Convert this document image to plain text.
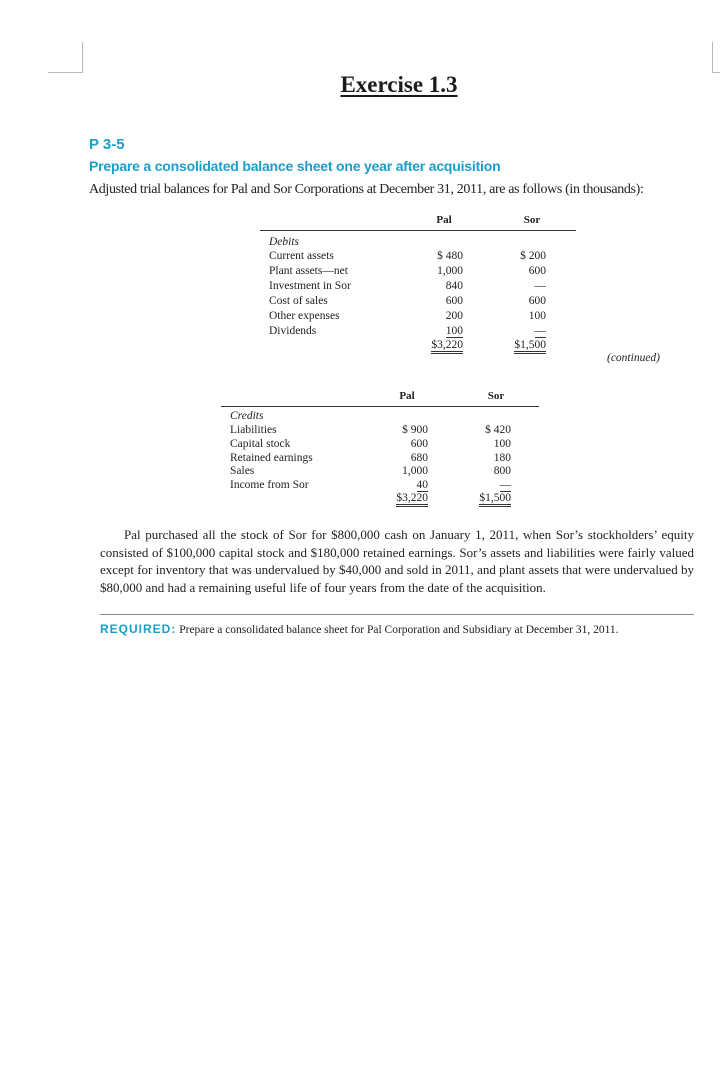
Exercise 1.3
P 3-5
Prepare a consolidated balance sheet one year after acquisition
Adjusted trial balances for Pal and Sor Corporations at December 31, 2011, are as follows (in thousands):
Pal	Sor
Debits
Current assets	$ 480	$ 200
Plant assets—net	1,000	600
Investment in Sor	840	—
Cost of sales	600	600
Other expenses	200	100
Dividends	100	—
$3,220	$1,500
(continued)
Pal	Sor
Credits
Liabilities	$ 900	$ 420
Capital stock	600	100
Retained earnings	680	180
Sales	1,000	800
Income from Sor	40	—
$3,220	$1,500
Pal purchased all the stock of Sor for $800,000 cash on January 1, 2011, when Sor’s stockholders’ equity consisted of $100,000 capital stock and $180,000 retained earnings. Sor’s assets and liabilities were fairly valued except for inventory that was undervalued by $40,000 and sold in 2011, and plant assets that were undervalued by $80,000 and had a remaining useful life of four years from the date of the acquisition.
REQUIRED: Prepare a consolidated balance sheet for Pal Corporation and Subsidiary at December 31, 2011.
